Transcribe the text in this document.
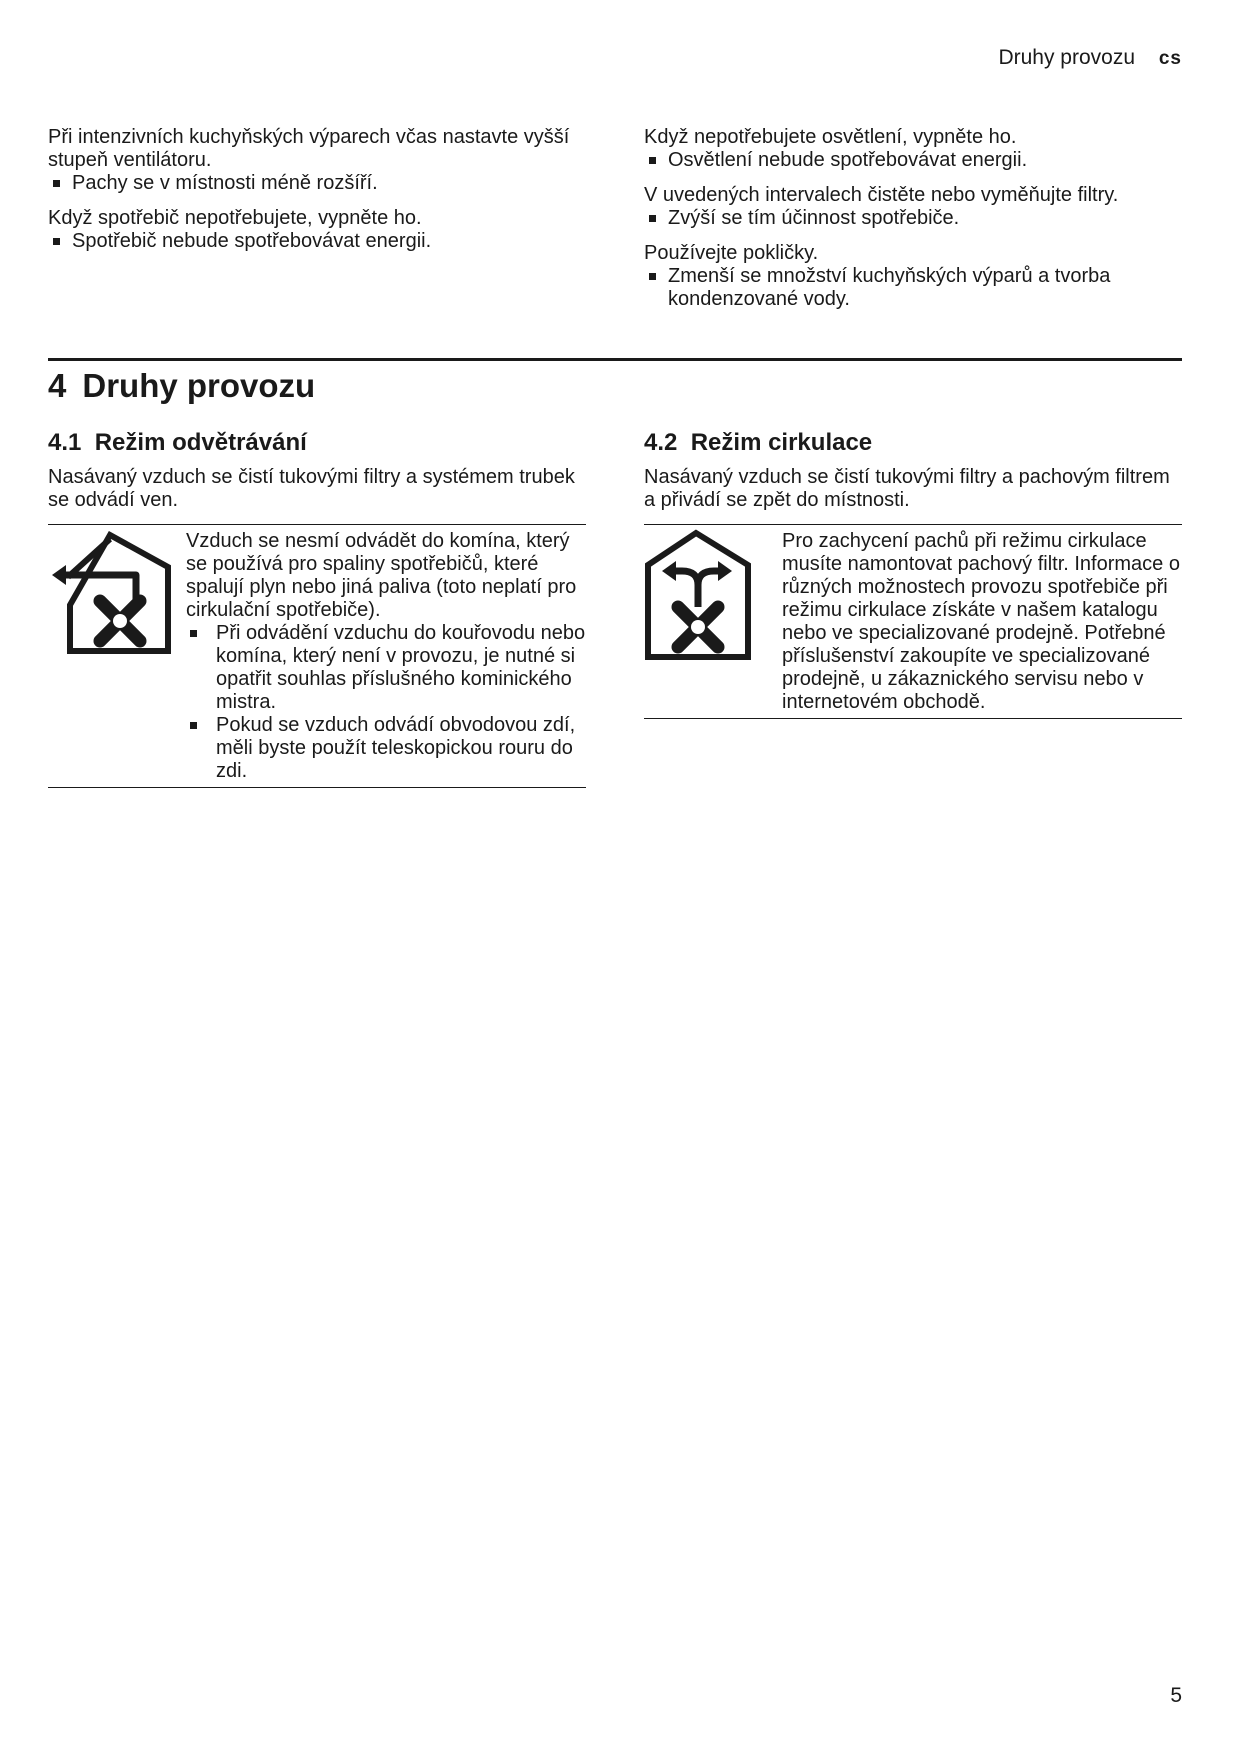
Druhy provozu cs

Při intenzivních kuchyňských výparech včas nastavte vyšší stupeň ventilátoru.

Pachy se v místnosti méně rozšíří.

Když spotřebič nepotřebujete, vypněte ho.

Spotřebič nebude spotřebovávat energii.

Když nepotřebujete osvětlení, vypněte ho.

Osvětlení nebude spotřebovávat energii.

V uvedených intervalech čistěte nebo vyměňujte filtry.

Zvýší se tím účinnost spotřebiče.

Používejte pokličky.

Zmenší se množství kuchyňských výparů a tvorba kondenzované vody.

4 Druhy provozu
4.1 Režim odvětrávání

Nasávaný vzduch se čistí tukovými filtry a systémem trubek se odvádí ven.

Vzduch se nesmí odvádět do komína, který se používá pro spaliny spotřebičů, které spalují plyn nebo jiná paliva (toto neplatí pro cirkulační spotřebiče).

Při odvádění vzduchu do kouřovodu nebo komína, který není v provozu, je nutné si opatřit souhlas příslušného kominického mistra.

Pokud se vzduch odvádí obvodovou zdí, měli byste použít teleskopickou rouru do zdi.

4.2 Režim cirkulace

Nasávaný vzduch se čistí tukovými filtry a pachovým filtrem a přivádí se zpět do místnosti.

Pro zachycení pachů při režimu cirkulace musíte namontovat pachový filtr. Informace o různých možnostech provozu spotřebiče při režimu cirkulace získáte v našem katalogu nebo ve specializované prodejně. Potřebné příslušenství zakoupíte ve specializované prodejně, u zákaznického servisu nebo v internetovém obchodě.

5
